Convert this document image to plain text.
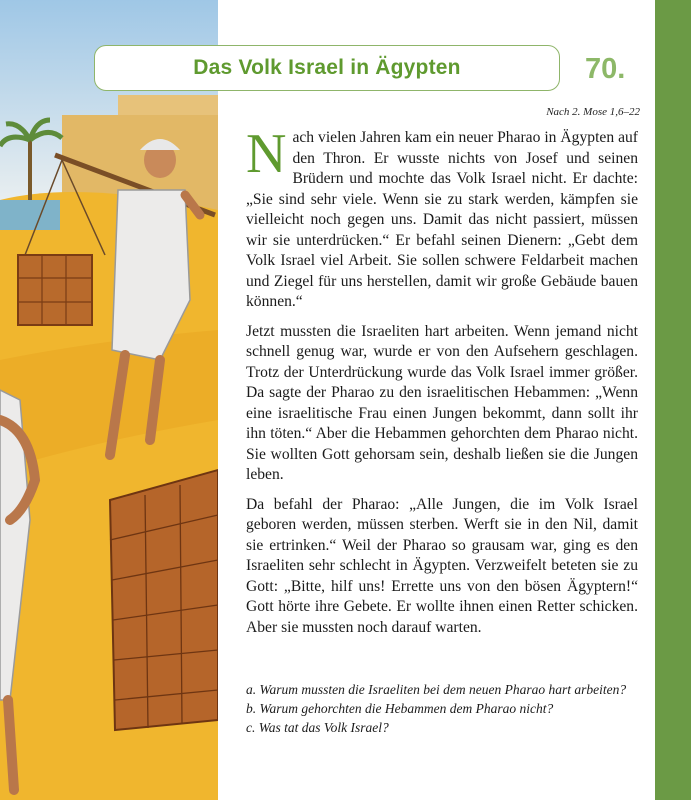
Das Volk Israel in Ägypten	70.
Nach 2. Mose 1,6–22

Nach vielen Jahren kam ein neuer Pharao in Ägypten auf den Thron. Er wusste nichts von Josef und seinen Brüdern und mochte das Volk Israel nicht. Er dachte: „Sie sind sehr viele. Wenn sie zu stark werden, kämpfen sie vielleicht noch gegen uns. Damit das nicht passiert, müssen wir sie unterdrücken.“ Er befahl seinen Dienern: „Gebt dem Volk Israel viel Arbeit. Sie sollen schwere Feldarbeit machen und Ziegel für uns herstellen, damit wir große Gebäude bauen können.“

Jetzt mussten die Israeliten hart arbeiten. Wenn jemand nicht schnell genug war, wurde er von den Aufsehern geschlagen. Trotz der Unterdrückung wurde das Volk Israel immer größer. Da sagte der Pharao zu den israelitischen Hebammen: „Wenn eine israelitische Frau einen Jungen bekommt, dann sollt ihr ihn töten.“ Aber die Hebammen gehorchten dem Pharao nicht. Sie wollten Gott gehorsam sein, deshalb ließen sie die Jungen leben.

Da befahl der Pharao: „Alle Jungen, die im Volk Israel geboren werden, müssen sterben. Werft sie in den Nil, damit sie ertrinken.“ Weil der Pharao so grausam war, ging es den Israeliten sehr schlecht in Ägypten. Verzweifelt beteten sie zu Gott: „Bitte, hilf uns! Errette uns von den bösen Ägyptern!“ Gott hörte ihre Gebete. Er wollte ihnen einen Retter schicken. Aber sie mussten noch darauf warten.

a. Warum mussten die Israeliten bei dem neuen Pharao hart arbeiten?
b. Warum gehorchten die Hebammen dem Pharao nicht?
c. Was tat das Volk Israel?
